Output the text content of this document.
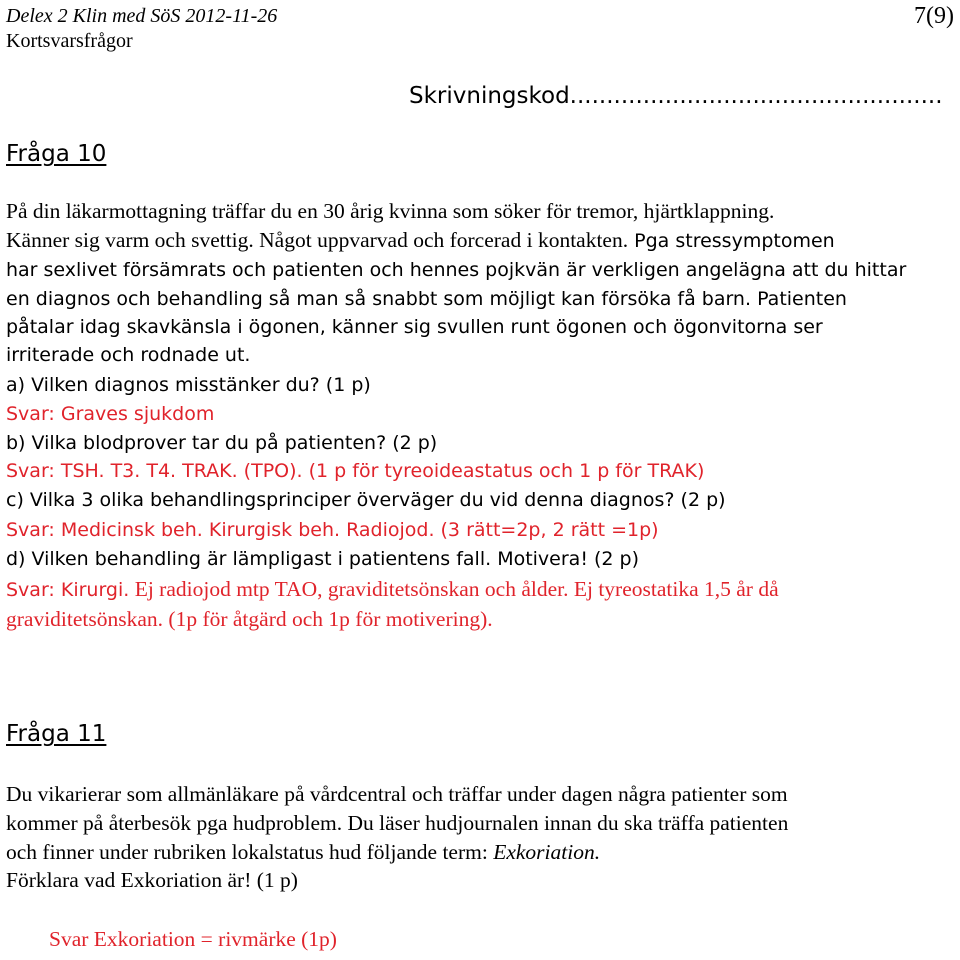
Delex 2 Klin med SöS 2012-11-26
Kortsvarsfrågor
7(9)
Skrivningskod...................................................
Fråga 10
På din läkarmottagning träffar du en 30 årig kvinna som söker för tremor, hjärtklappning.
Känner sig varm och svettig. Något uppvarvad och forcerad i kontakten. Pga stressymptomen
har sexlivet försämrats och patienten och hennes pojkvän är verkligen angelägna att du hittar
en diagnos och behandling så man så snabbt som möjligt kan försöka få barn. Patienten
påtalar idag skavkänsla i ögonen, känner sig svullen runt ögonen och ögonvitorna ser
irriterade och rodnade ut.
a) Vilken diagnos misstänker du? (1 p)
Svar: Graves sjukdom
b) Vilka blodprover tar du på patienten? (2 p)
Svar: TSH. T3. T4. TRAK. (TPO). (1 p för tyreoideastatus och 1 p för TRAK)
c) Vilka 3 olika behandlingsprinciper överväger du vid denna diagnos? (2 p)
Svar: Medicinsk beh. Kirurgisk beh. Radiojod. (3 rätt=2p, 2 rätt =1p)
d) Vilken behandling är lämpligast i patientens fall. Motivera! (2 p)
Svar: Kirurgi. Ej radiojod mtp TAO, graviditetsönskan och ålder. Ej tyreostatika 1,5 år då
graviditetsönskan. (1p för åtgärd och 1p för motivering).
Fråga 11
Du vikarierar som allmänläkare på vårdcentral och träffar under dagen några patienter som
kommer på återbesök pga hudproblem. Du läser hudjournalen innan du ska träffa patienten
och finner under rubriken lokalstatus hud följande term: Exkoriation.
Förklara vad Exkoriation är! (1 p)
Svar Exkoriation = rivmärke (1p)
